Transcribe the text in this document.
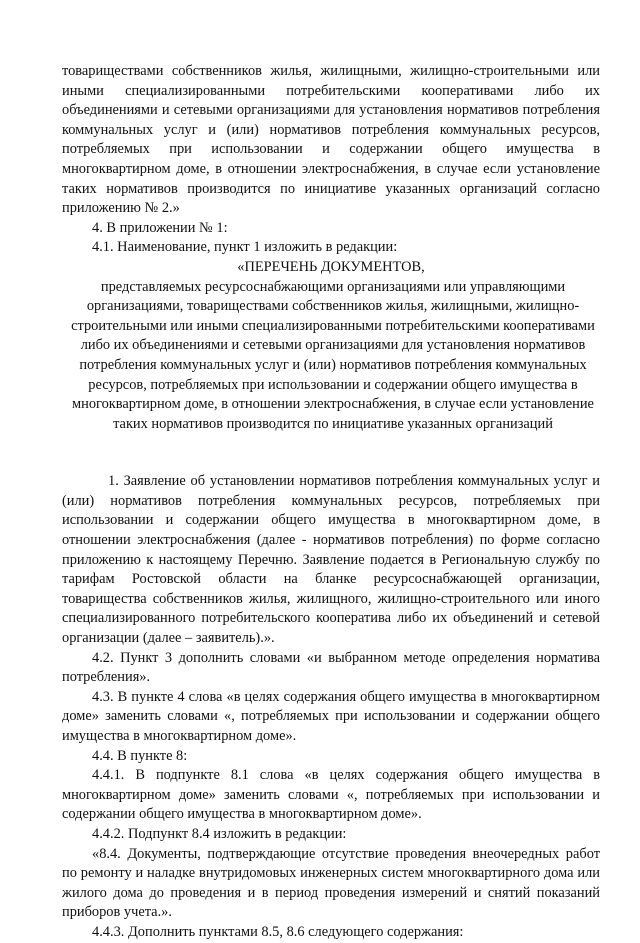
товариществами собственников жилья, жилищными, жилищно-строительными или иными специализированными потребительскими кооперативами либо их объединениями и сетевыми организациями для установления нормативов потребления коммунальных услуг и (или) нормативов потребления коммунальных ресурсов, потребляемых при использовании и содержании общего имущества в многоквартирном доме, в отношении электроснабжения, в случае если установление таких нормативов производится по инициативе указанных организаций согласно приложению № 2.»

4. В приложении № 1:

4.1. Наименование, пункт 1 изложить в редакции:

«ПЕРЕЧЕНЬ ДОКУМЕНТОВ,

представляемых ресурсоснабжающими организациями или управляющими организациями, товариществами собственников жилья, жилищными, жилищно-строительными или иными специализированными потребительскими кооперативами либо их объединениями и сетевыми организациями для установления нормативов потребления коммунальных услуг и (или) нормативов потребления коммунальных ресурсов, потребляемых при использовании и содержании общего имущества в многоквартирном доме, в отношении электроснабжения, в случае если установление таких нормативов производится по инициативе указанных организаций

1. Заявление об установлении нормативов потребления коммунальных услуг и (или) нормативов потребления коммунальных ресурсов, потребляемых при использовании и содержании общего имущества в многоквартирном доме, в отношении электроснабжения (далее - нормативов потребления) по форме согласно приложению к настоящему Перечню. Заявление подается в Региональную службу по тарифам Ростовской области на бланке ресурсоснабжающей организации, товарищества собственников жилья, жилищного, жилищно-строительного или иного специализированного потребительского кооператива либо их объединений и сетевой организации (далее – заявитель).».

4.2. Пункт 3 дополнить словами «и выбранном методе определения норматива потребления».

4.3. В пункте 4 слова «в целях содержания общего имущества в многоквартирном доме» заменить словами «, потребляемых при использовании и содержании общего имущества в многоквартирном доме».

4.4. В пункте 8:

4.4.1. В подпункте 8.1 слова «в целях содержания общего имущества в многоквартирном доме» заменить словами «, потребляемых при использовании и содержании общего имущества в многоквартирном доме».

4.4.2. Подпункт 8.4 изложить в редакции:

«8.4. Документы, подтверждающие отсутствие проведения внеочередных работ по ремонту и наладке внутридомовых инженерных систем многоквартирного дома или жилого дома до проведения и в период проведения измерений и снятий показаний приборов учета.».

4.4.3. Дополнить пунктами 8.5, 8.6 следующего содержания:
